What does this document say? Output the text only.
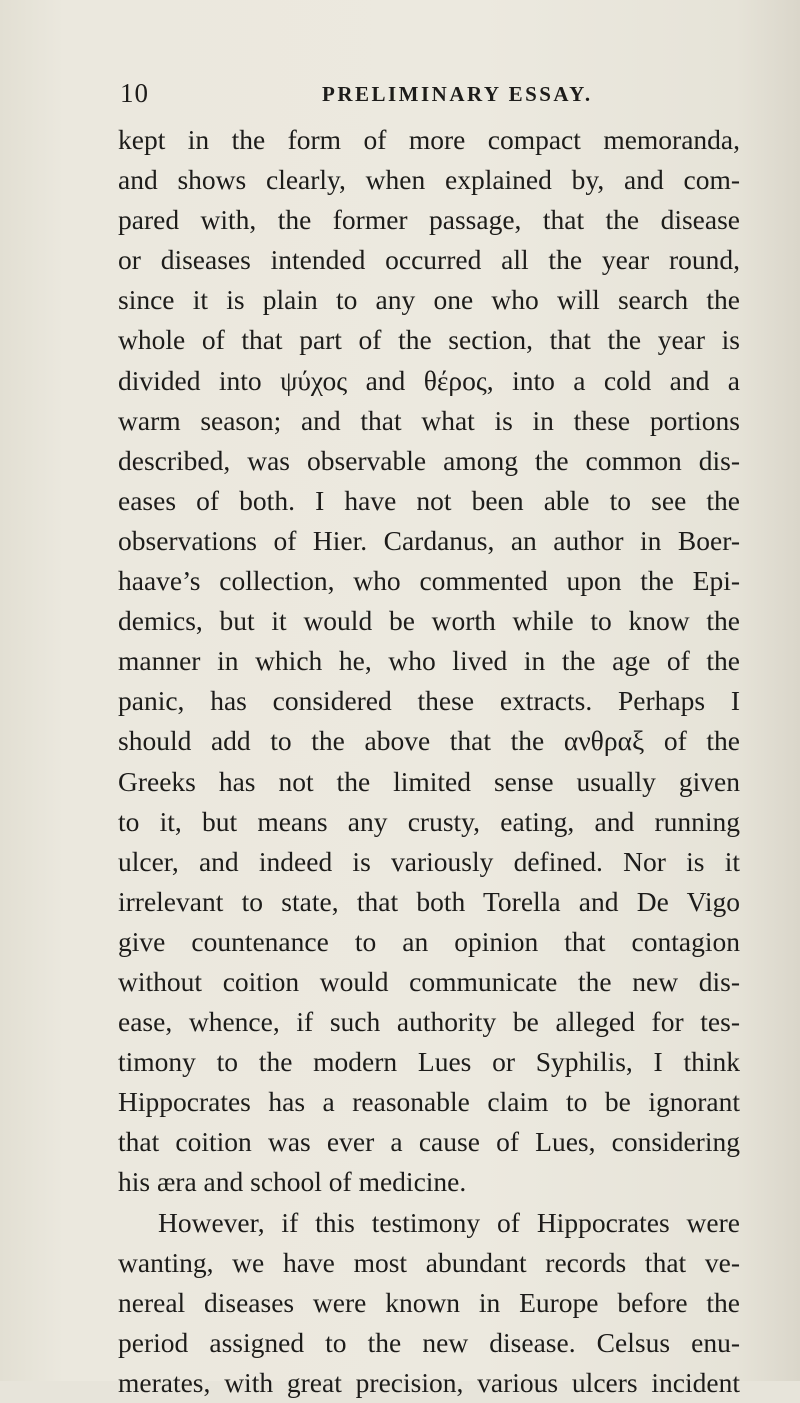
10	PRELIMINARY ESSAY.
kept in the form of more compact memoranda,
and shows clearly, when explained by, and com-
pared with, the former passage, that the disease
or diseases intended occurred all the year round,
since it is plain to any one who will search the
whole of that part of the section, that the year is
divided into ψύχος and θέρος, into a cold and a
warm season; and that what is in these portions
described, was observable among the common dis-
eases of both. I have not been able to see the
observations of Hier. Cardanus, an author in Boer-
haave’s collection, who commented upon the Epi-
demics, but it would be worth while to know the
manner in which he, who lived in the age of the
panic, has considered these extracts. Perhaps I
should add to the above that the ανθραξ of the
Greeks has not the limited sense usually given
to it, but means any crusty, eating, and running
ulcer, and indeed is variously defined. Nor is it
irrelevant to state, that both Torella and De Vigo
give countenance to an opinion that contagion
without coition would communicate the new dis-
ease, whence, if such authority be alleged for tes-
timony to the modern Lues or Syphilis, I think
Hippocrates has a reasonable claim to be ignorant
that coition was ever a cause of Lues, considering
his æra and school of medicine.
However, if this testimony of Hippocrates were
wanting, we have most abundant records that ve-
nereal diseases were known in Europe before the
period assigned to the new disease. Celsus enu-
merates, with great precision, various ulcers incident
